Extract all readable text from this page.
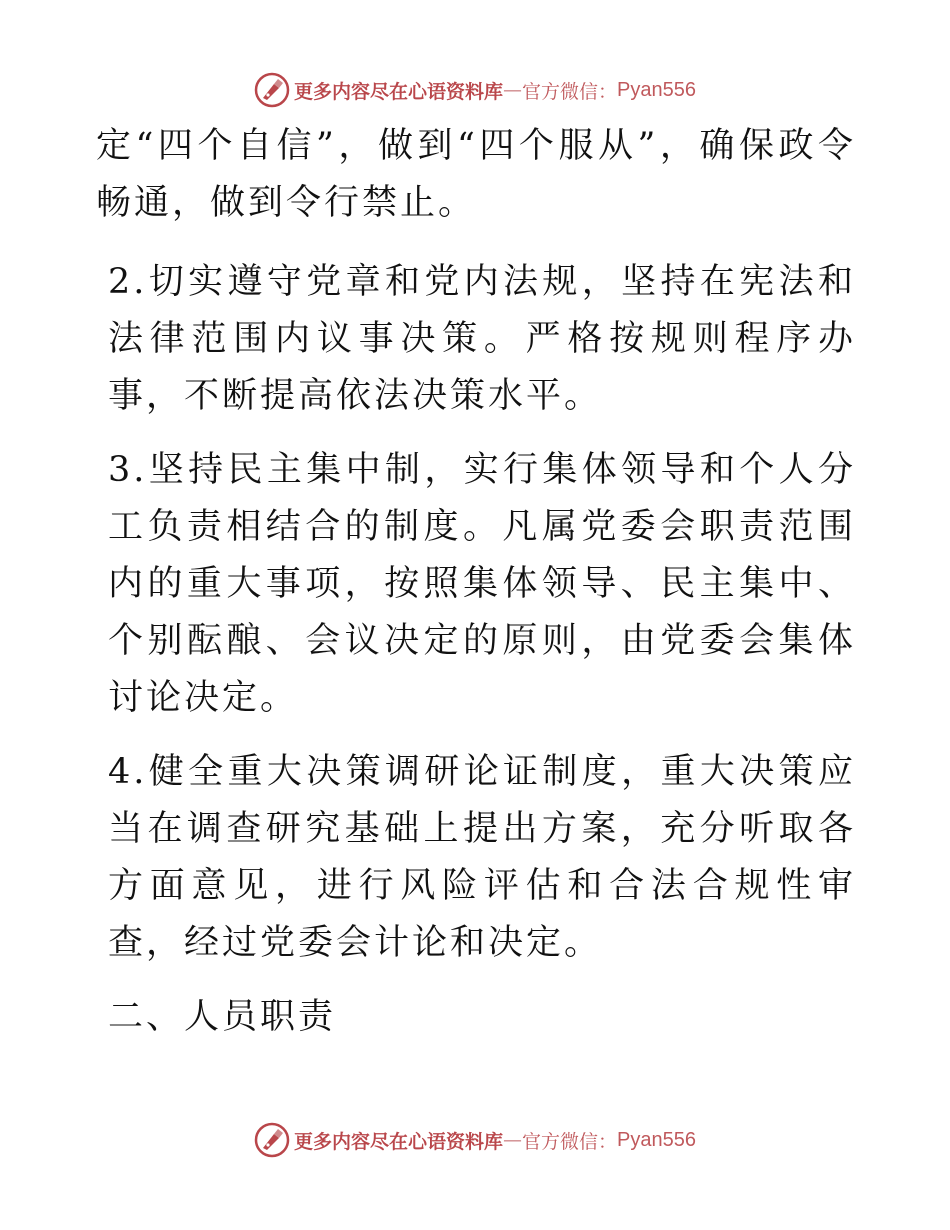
更多内容尽在心语资料库 — 官方微信： Pyan556

定“四个自信”，做到“四个服从”，确保政令畅通，做到令行禁止。

2.切实遵守党章和党内法规，坚持在宪法和法律范围内议事决策。严格按规则程序办事，不断提高依法决策水平。

3.坚持民主集中制，实行集体领导和个人分工负责相结合的制度。凡属党委会职责范围内的重大事项，按照集体领导、民主集中、个别酝酿、会议决定的原则，由党委会集体讨论决定。

4.健全重大决策调研论证制度，重大决策应当在调查研究基础上提出方案，充分听取各方面意见，进行风险评估和合法合规性审查，经过党委会计论和决定。

二、人员职责

更多内容尽在心语资料库 — 官方微信： Pyan556
